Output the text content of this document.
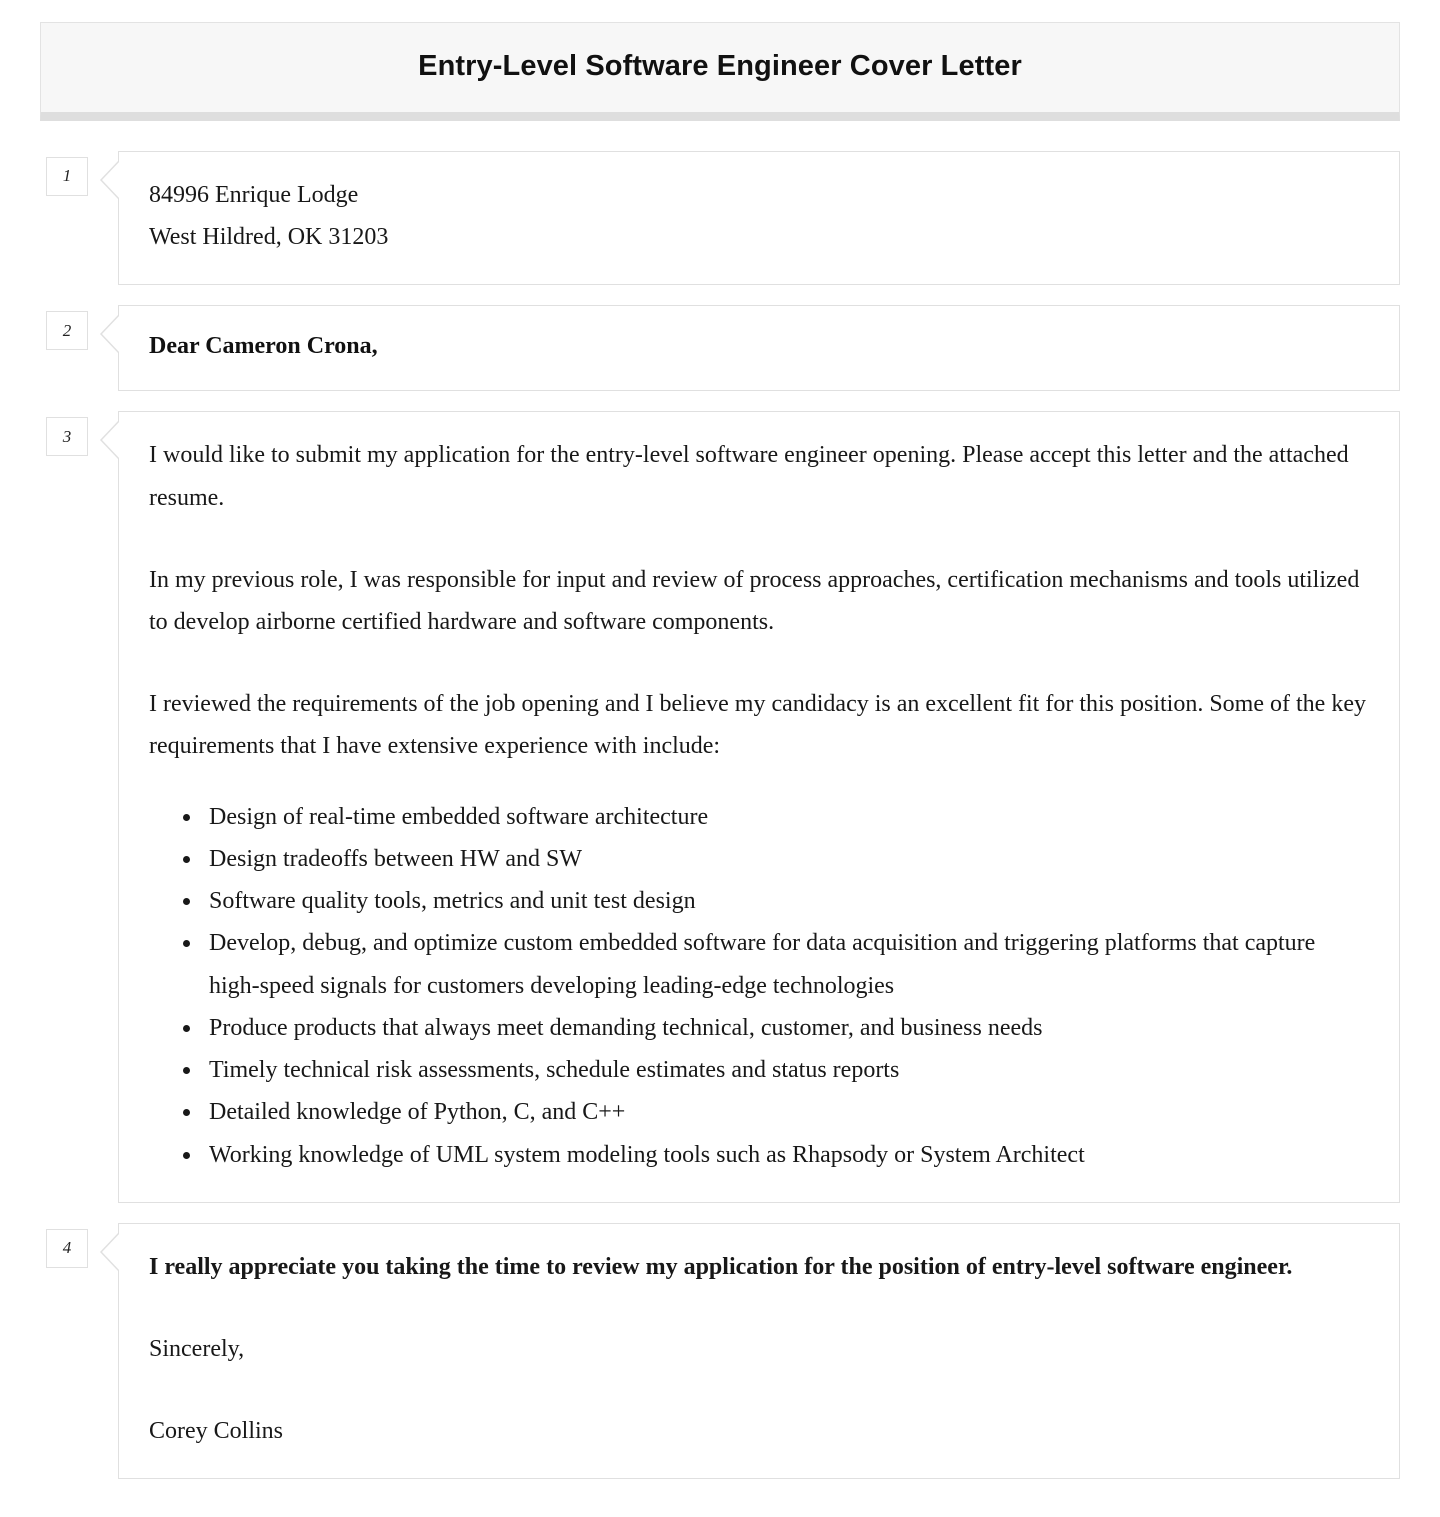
Entry-Level Software Engineer Cover Letter
1
84996 Enrique Lodge
West Hildred, OK 31203
2

Dear Cameron Crona,

3

I would like to submit my application for the entry-level software engineer opening. Please accept this letter and the attached resume.

In my previous role, I was responsible for input and review of process approaches, certification mechanisms and tools utilized to develop airborne certified hardware and software components.

I reviewed the requirements of the job opening and I believe my candidacy is an excellent fit for this position. Some of the key requirements that I have extensive experience with include:

• Design of real-time embedded software architecture
• Design tradeoffs between HW and SW
• Software quality tools, metrics and unit test design
• Develop, debug, and optimize custom embedded software for data acquisition and triggering platforms that capture high-speed signals for customers developing leading-edge technologies
• Produce products that always meet demanding technical, customer, and business needs
• Timely technical risk assessments, schedule estimates and status reports
• Detailed knowledge of Python, C, and C++
• Working knowledge of UML system modeling tools such as Rhapsody or System Architect
4

I really appreciate you taking the time to review my application for the position of entry-level software engineer.

Sincerely,

Corey Collins
